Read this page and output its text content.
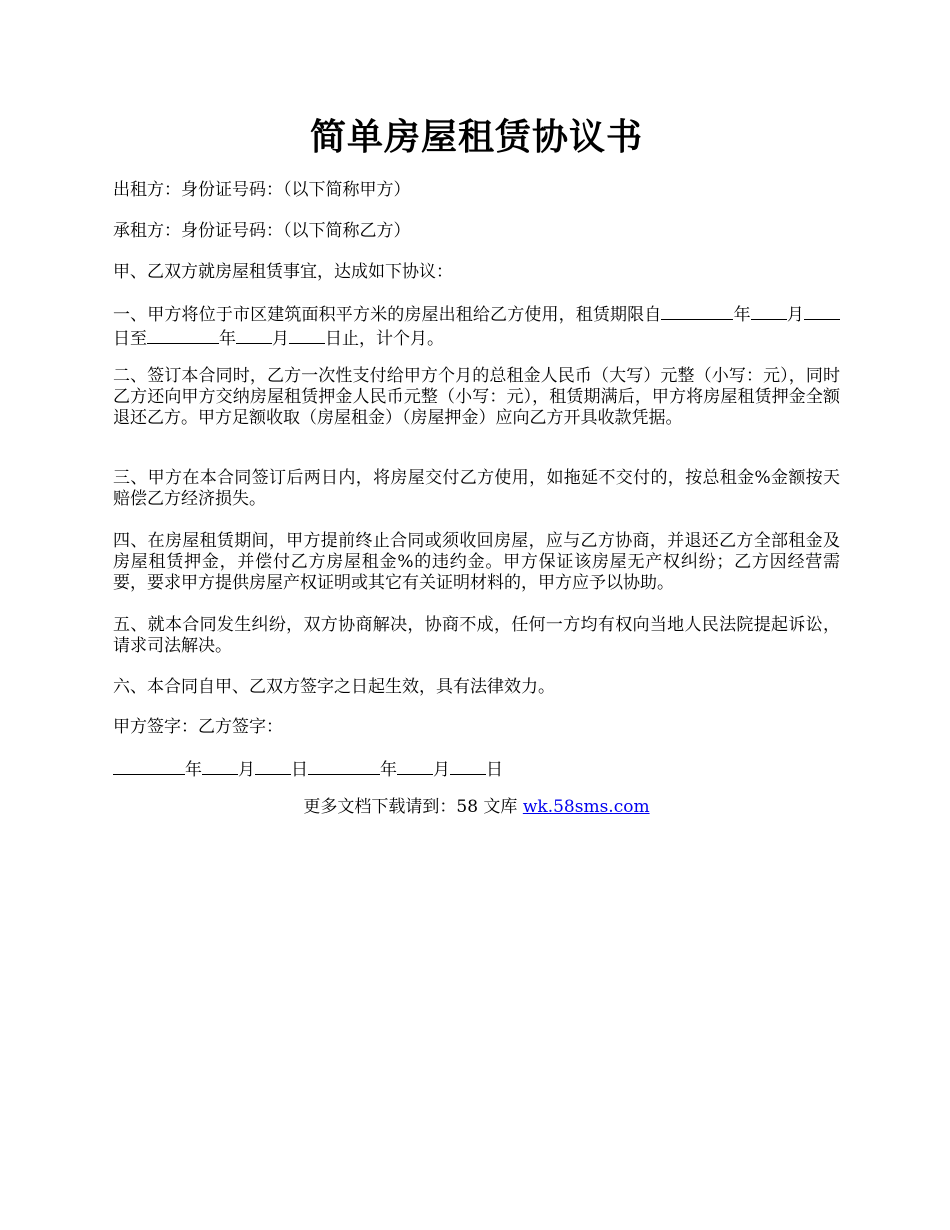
简单房屋租赁协议书
出租方：身份证号码：（以下简称甲方）
承租方：身份证号码：（以下简称乙方）
甲、乙双方就房屋租赁事宜，达成如下协议：
一、甲方将位于市区建筑面积平方米的房屋出租给乙方使用，租赁期限自	年 月日至	年 月 日止，计个月。
二、签订本合同时，乙方一次性支付给甲方个月的总租金人民币（大写）元整（小写：元），同时乙方还向甲方交纳房屋租赁押金人民币元整（小写：元），租赁期满后，甲方将房屋租赁押金全额退还乙方。甲方足额收取（房屋租金）（房屋押金）应向乙方开具收款凭据。
三、甲方在本合同签订后两日内，将房屋交付乙方使用，如拖延不交付的，按总租金%金额按天赔偿乙方经济损失。
四、在房屋租赁期间，甲方提前终止合同或须收回房屋，应与乙方协商，并退还乙方全部租金及房屋租赁押金，并偿付乙方房屋租金%的违约金。甲方保证该房屋无产权纠纷；乙方因经营需要，要求甲方提供房屋产权证明或其它有关证明材料的，甲方应予以协助。
五、就本合同发生纠纷，双方协商解决，协商不成，任何一方均有权向当地人民法院提起诉讼，请求司法解决。
六、本合同自甲、乙双方签字之日起生效，具有法律效力。
甲方签字：乙方签字：
年 月 日	年 月 日
更多文档下载请到：58 文库 wk.58sms.com
